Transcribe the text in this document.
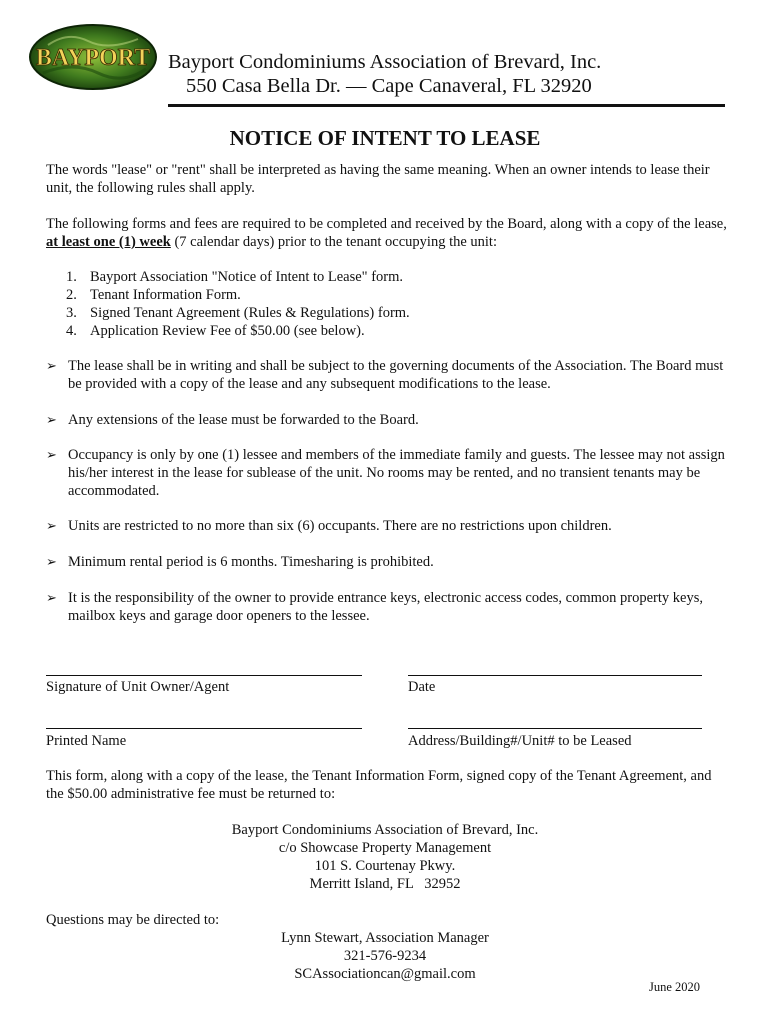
BAYPORT Bayport Condominiums Association of Brevard, Inc.
550 Casa Bella Dr. — Cape Canaveral, FL 32920
NOTICE OF INTENT TO LEASE
The words "lease" or "rent" shall be interpreted as having the same meaning. When an owner intends to lease their unit, the following rules shall apply.
The following forms and fees are required to be completed and received by the Board, along with a copy of the lease, at least one (1) week (7 calendar days) prior to the tenant occupying the unit:
1. Bayport Association "Notice of Intent to Lease" form.
2. Tenant Information Form.
3. Signed Tenant Agreement (Rules & Regulations) form.
4. Application Review Fee of $50.00 (see below).
➢ The lease shall be in writing and shall be subject to the governing documents of the Association. The Board must be provided with a copy of the lease and any subsequent modifications to the lease.
➢ Any extensions of the lease must be forwarded to the Board.
➢ Occupancy is only by one (1) lessee and members of the immediate family and guests. The lessee may not assign his/her interest in the lease for sublease of the unit. No rooms may be rented, and no transient tenants may be accommodated.
➢ Units are restricted to no more than six (6) occupants. There are no restrictions upon children.
➢ Minimum rental period is 6 months. Timesharing is prohibited.
➢ It is the responsibility of the owner to provide entrance keys, electronic access codes, common property keys, mailbox keys and garage door openers to the lessee.
Signature of Unit Owner/Agent	Date
Printed Name	Address/Building#/Unit# to be Leased
This form, along with a copy of the lease, the Tenant Information Form, signed copy of the Tenant Agreement, and the $50.00 administrative fee must be returned to:
Bayport Condominiums Association of Brevard, Inc.
c/o Showcase Property Management
101 S. Courtenay Pkwy.
Merritt Island, FL   32952
Questions may be directed to:
Lynn Stewart, Association Manager
321-576-9234
SCAssociationcan@gmail.com
June 2020
